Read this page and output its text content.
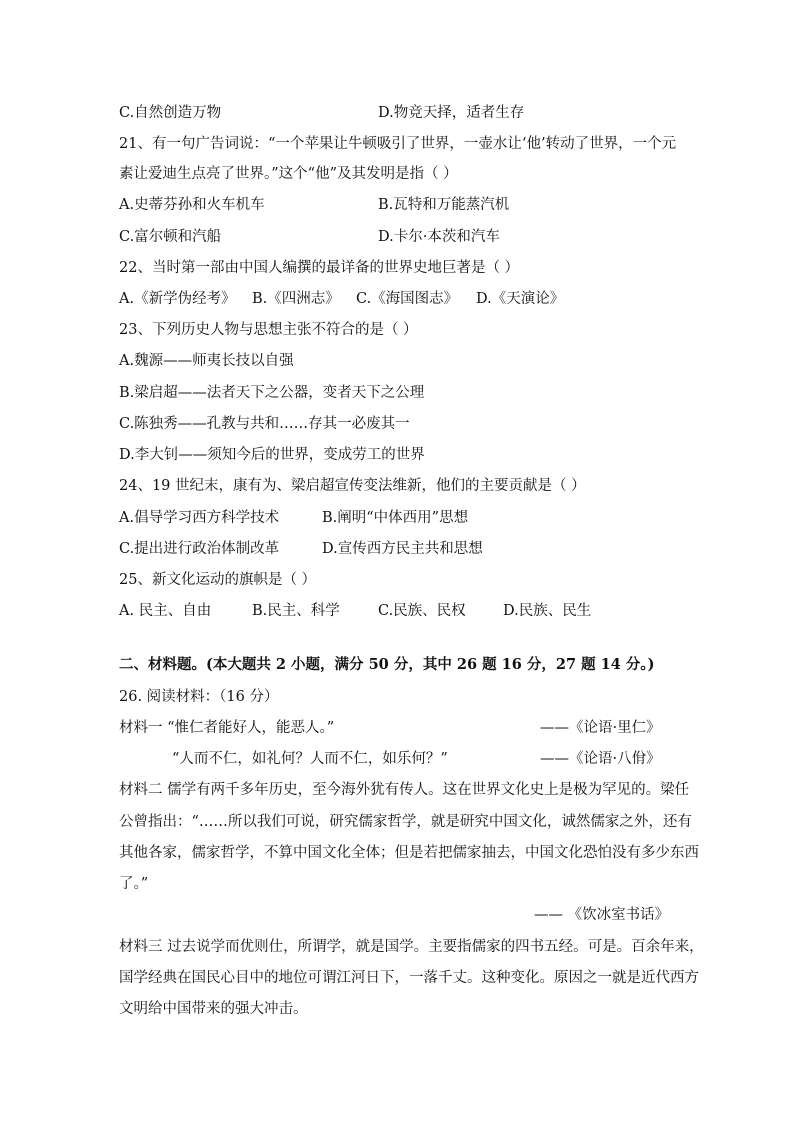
C.自然创造万物	D.物竞天择，适者生存
21、有一句广告词说：“一个苹果让牛顿吸引了世界，一壶水让‘他’转动了世界，一个元
素让爱迪生点亮了世界。”这个“他”及其发明是指（ ）
A.史蒂芬孙和火车机车	B.瓦特和万能蒸汽机
C.富尔顿和汽船	D.卡尔·本茨和汽车
22、当时第一部由中国人编撰的最详备的世界史地巨著是（ ）
A.《新学伪经考》 B.《四洲志》 C.《海国图志》 D.《天演论》
23、下列历史人物与思想主张不符合的是（ ）
A.魏源——师夷长技以自强
B.梁启超——法者天下之公器，变者天下之公理
C.陈独秀——孔教与共和……存其一必废其一
D.李大钊——须知今后的世界，变成劳工的世界
24、19 世纪末，康有为、梁启超宣传变法维新，他们的主要贡献是（ ）
A.倡导学习西方科学技术	B.阐明“中体西用”思想
C.提出进行政治体制改革	D.宣传西方民主共和思想
25、新文化运动的旗帜是（ ）
A. 民主、自由	B.民主、科学	C.民族、民权	D.民族、民生
二、材料题。(本大题共 2 小题，满分 50 分，其中 26 题 16 分，27 题 14 分。)
26. 阅读材料：（16 分）
材料一 “惟仁者能好人，能恶人。”	——《论语·里仁》
“人而不仁，如礼何？人而不仁，如乐何？”	——《论语·八佾》
材料二 儒学有两千多年历史，至今海外犹有传人。这在世界文化史上是极为罕见的。梁任
公曾指出：“……所以我们可说，研究儒家哲学，就是研究中国文化，诚然儒家之外，还有
其他各家，儒家哲学，不算中国文化全体；但是若把儒家抽去，中国文化恐怕没有多少东西
了。”
—— 《饮冰室书话》
材料三 过去说学而优则仕，所谓学，就是国学。主要指儒家的四书五经。可是。百余年来，
国学经典在国民心目中的地位可谓江河日下，一落千丈。这种变化。原因之一就是近代西方
文明给中国带来的强大冲击。
